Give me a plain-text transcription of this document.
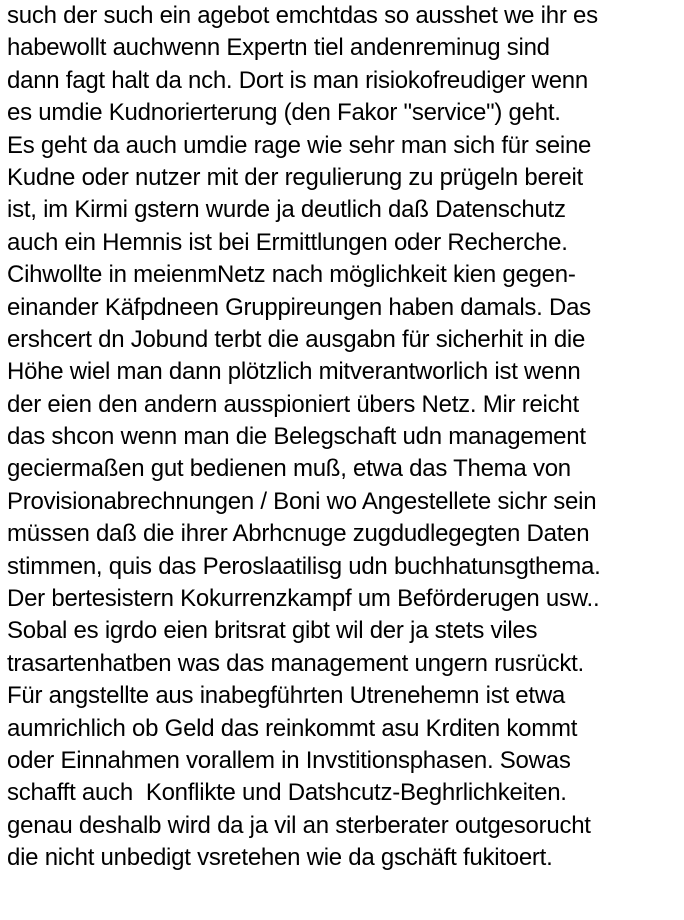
such der such ein agebot emchtdas so ausshet we ihr es
habewollt auchwenn Expertn tiel andenreminug sind
dann fagt halt da nch. Dort is man risiokofreudiger wenn
es umdie Kudnorierterung (den Fakor "service") geht.
Es geht da auch umdie rage wie sehr man sich für seine
Kudne oder nutzer mit der regulierung zu prügeln bereit
ist, im Kirmi gstern wurde ja deutlich daß Datenschutz
auch ein Hemnis ist bei Ermittlungen oder Recherche.
Cihwollte in meienmNetz nach möglichkeit kien gegen-
einander Käfpdneen Gruppireungen haben damals. Das
ershcert dn Jobund terbt die ausgabn für sicherhit in die
Höhe wiel man dann plötzlich mitverantworlich ist wenn
der eien den andern ausspioniert übers Netz. Mir reicht
das shcon wenn man die Belegschaft udn management
geciermaßen gut bedienen muß, etwa das Thema von
Provisionabrechnungen / Boni wo Angestellete sichr sein
müssen daß die ihrer Abrhcnuge zugdudlegegten Daten
stimmen, quis das Peroslaatilisg udn buchhatunsgthema.
Der bertesistern Kokurrenzkampf um Beförderugen usw..
Sobal es igrdo eien britsrat gibt wil der ja stets viles
trasartenhatben was das management ungern rusrückt.
Für angstellte aus inabegführten Utrenehemn ist etwa
aumrichlich ob Geld das reinkommt asu Krditen kommt
oder Einnahmen vorallem in Invstitionsphasen. Sowas
schafft auch  Konflikte und Datshcutz-Beghrlichkeiten.
genau deshalb wird da ja vil an sterberater outgesorucht
die nicht unbedigt vsretehen wie da gschäft fukitoert.
